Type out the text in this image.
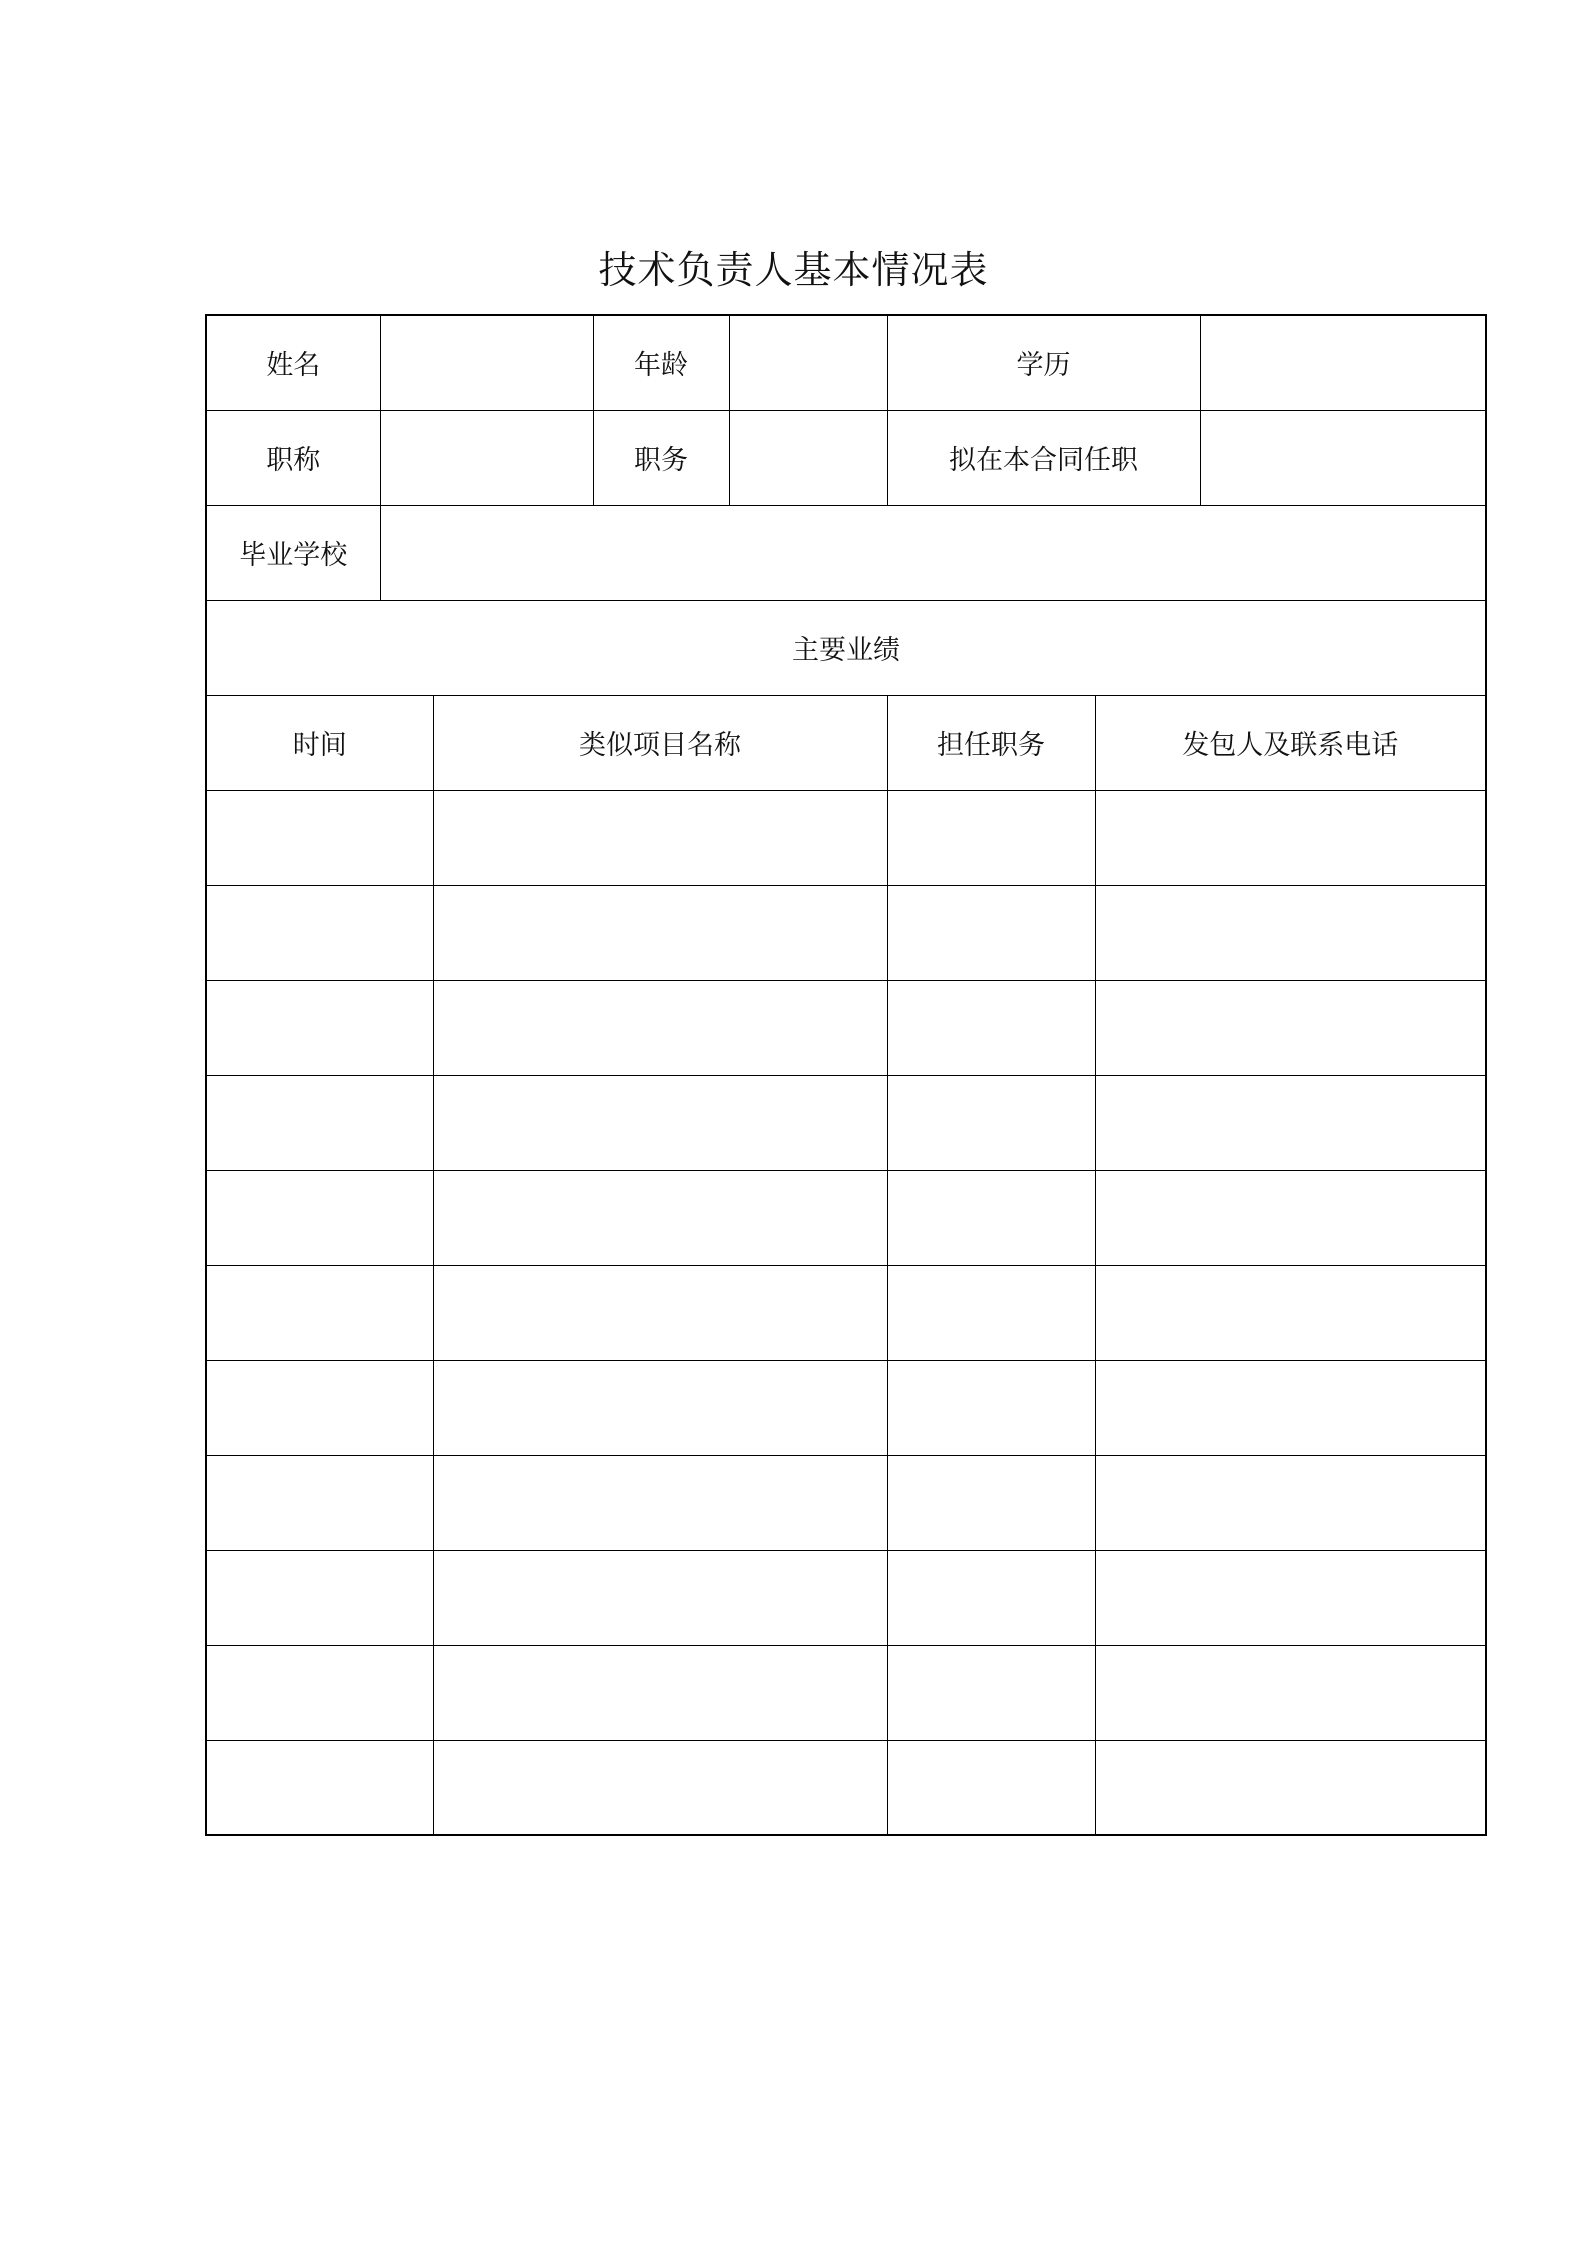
技术负责人基本情况表
姓名			年龄		学历		
职称			职务		拟在本合同任职		
毕业学校							
主要业绩							
时间		类似项目名称			担任职务	发包人及联系电话	
